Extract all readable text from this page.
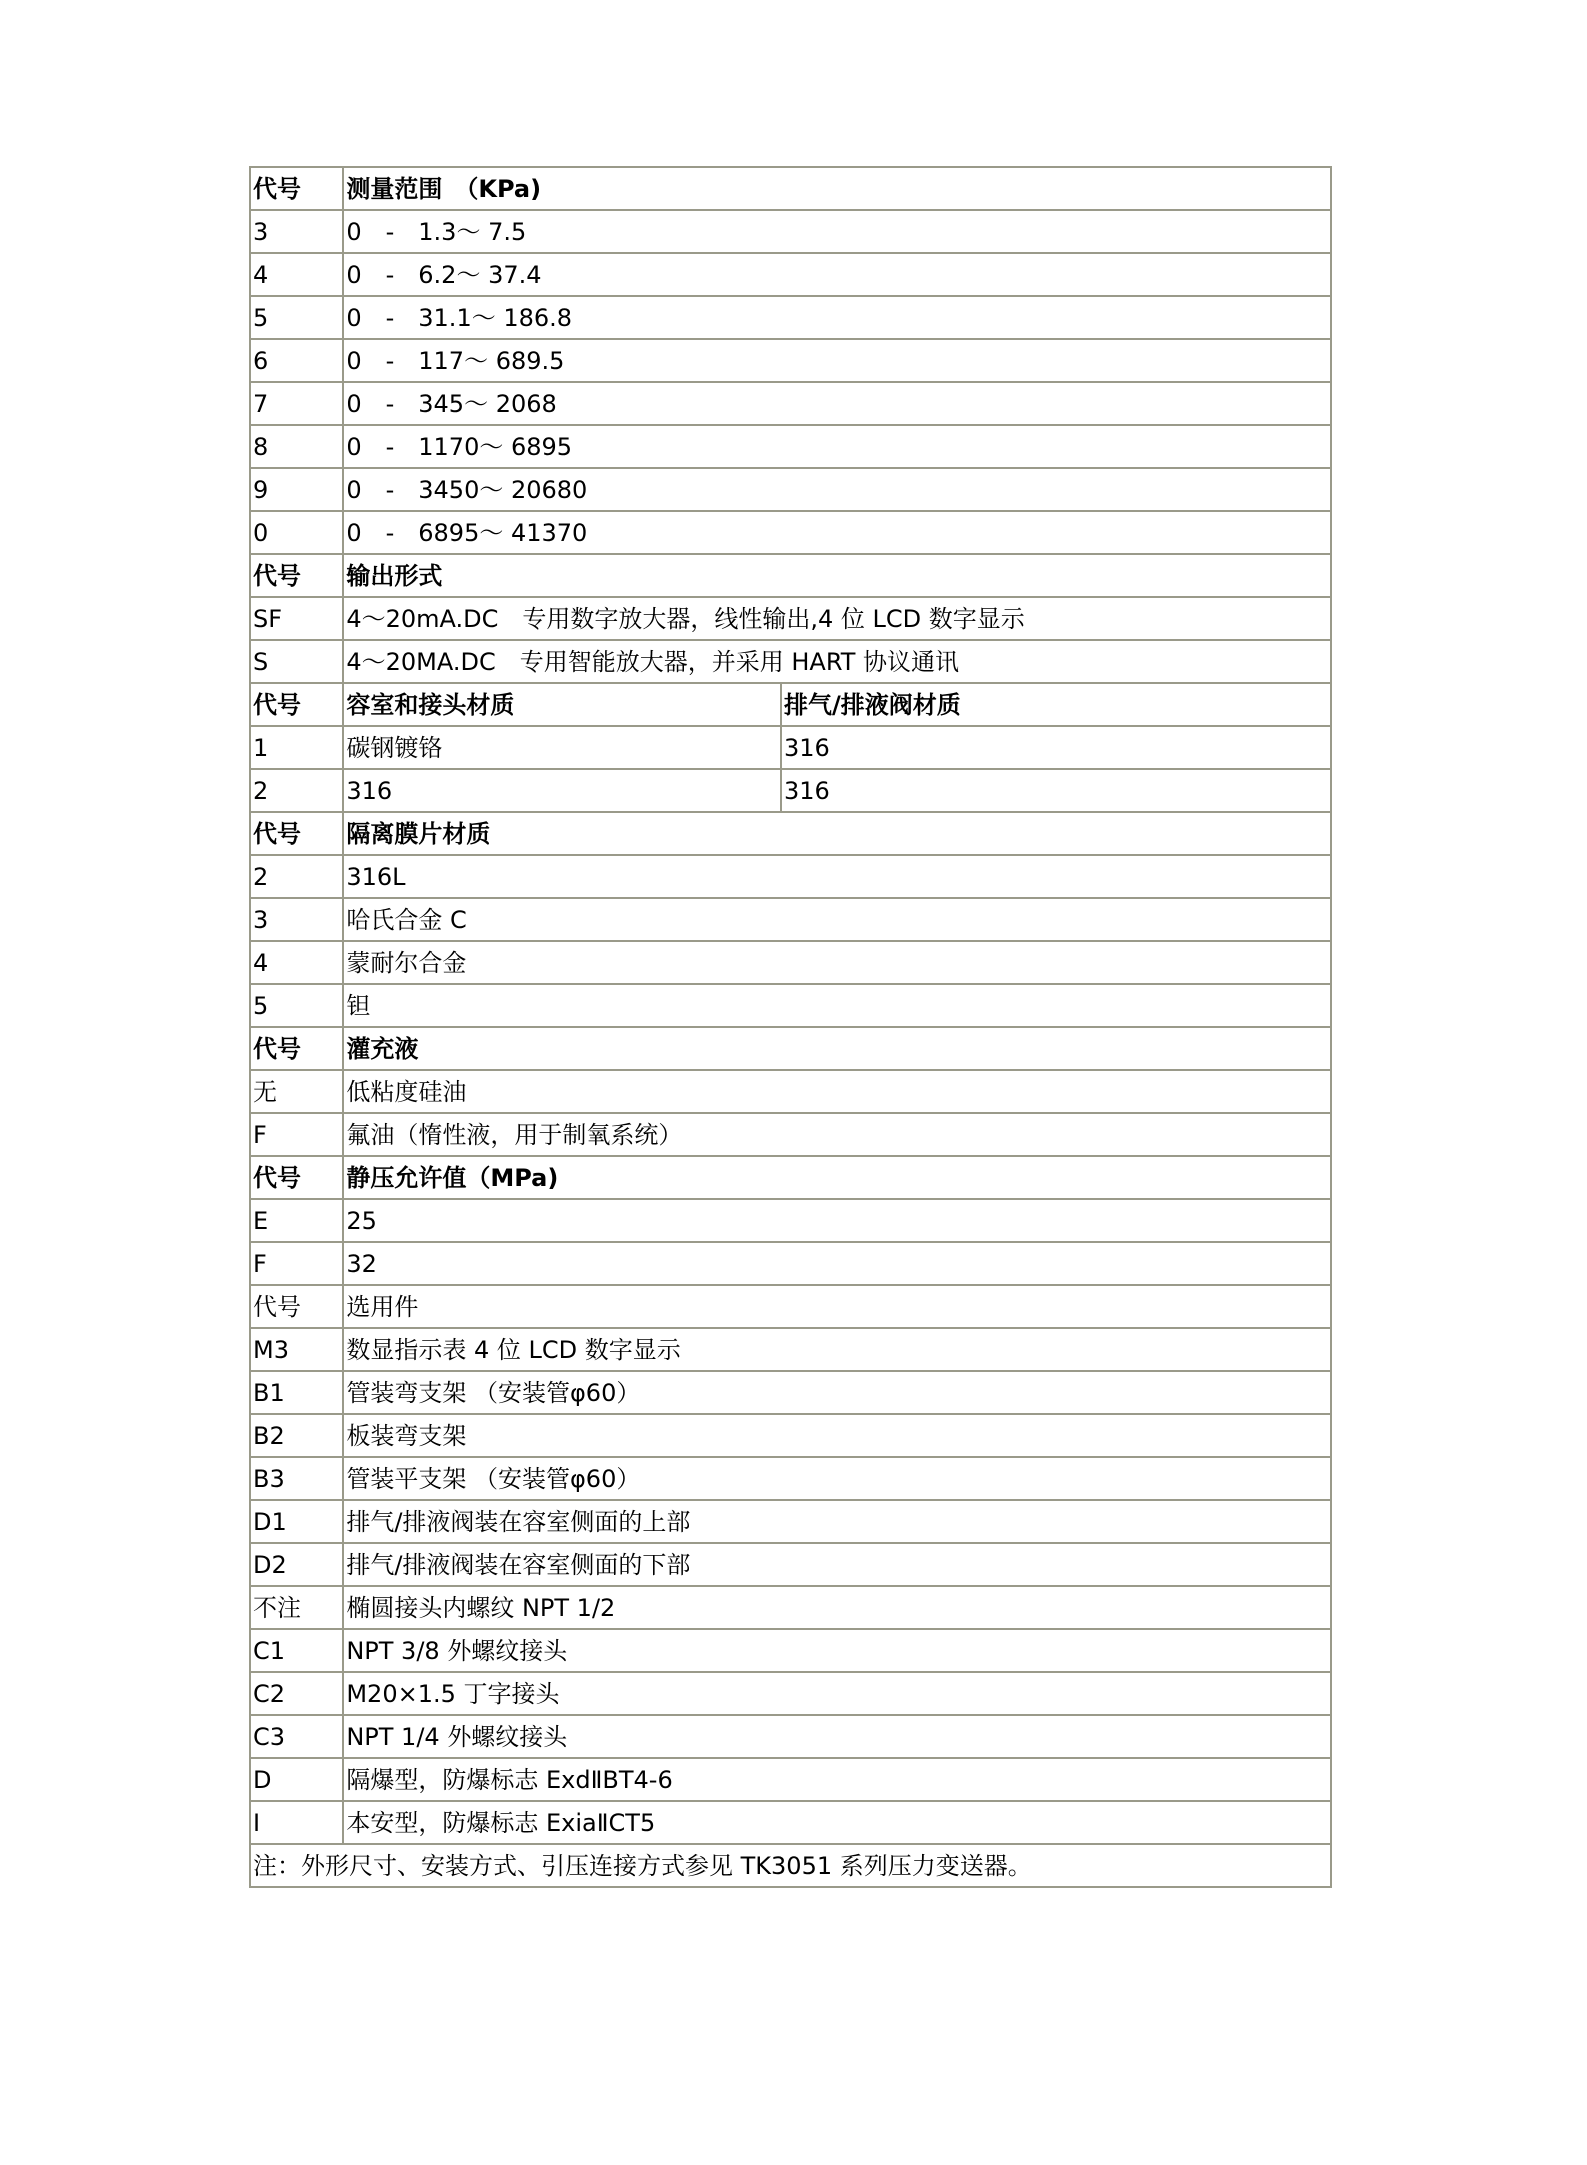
代号	测量范围　（KPa)	
3	0　-　1.3～ 7.5	
4	0　-　6.2～ 37.4	
5	0　-　31.1～ 186.8	
6	0　-　117～ 689.5	
7	0　-　345～ 2068	
8	0　-　1170～ 6895	
9	0　-　3450～ 20680	
0	0　-　6895～ 41370	
代号	输出形式	
SF	4～20mA.DC　专用数字放大器，线性输出,4 位 LCD 数字显示	
S	4～20MA.DC　专用智能放大器，并采用 HART 协议通讯	
代号	容室和接头材质	排气/排液阀材质
1	碳钢镀铬	316
2	316	316
代号	隔离膜片材质	
2	316L	
3	哈氏合金 C	
4	蒙耐尔合金	
5	钽	
代号	灌充液	
无	低粘度硅油	
F	氟油（惰性液，用于制氧系统）	
代号	静压允许值（MPa)	
E	25	
F	32	
代号	选用件	
M3	数显指示表 4 位 LCD 数字显示	
B1	管装弯支架 （安装管φ60）	
B2	板装弯支架	
B3	管装平支架 （安装管φ60）	
D1	排气/排液阀装在容室侧面的上部	
D2	排气/排液阀装在容室侧面的下部	
不注	椭圆接头内螺纹 NPT 1/2	
C1	NPT 3/8 外螺纹接头	
C2	M20×1.5 丁字接头	
C3	NPT 1/4 外螺纹接头	
D	隔爆型，防爆标志 ExdⅡBT4-6	
I	本安型，防爆标志 ExiaⅡCT5	
注：外形尺寸、安装方式、引压连接方式参见 TK3051 系列压力变送器。		
